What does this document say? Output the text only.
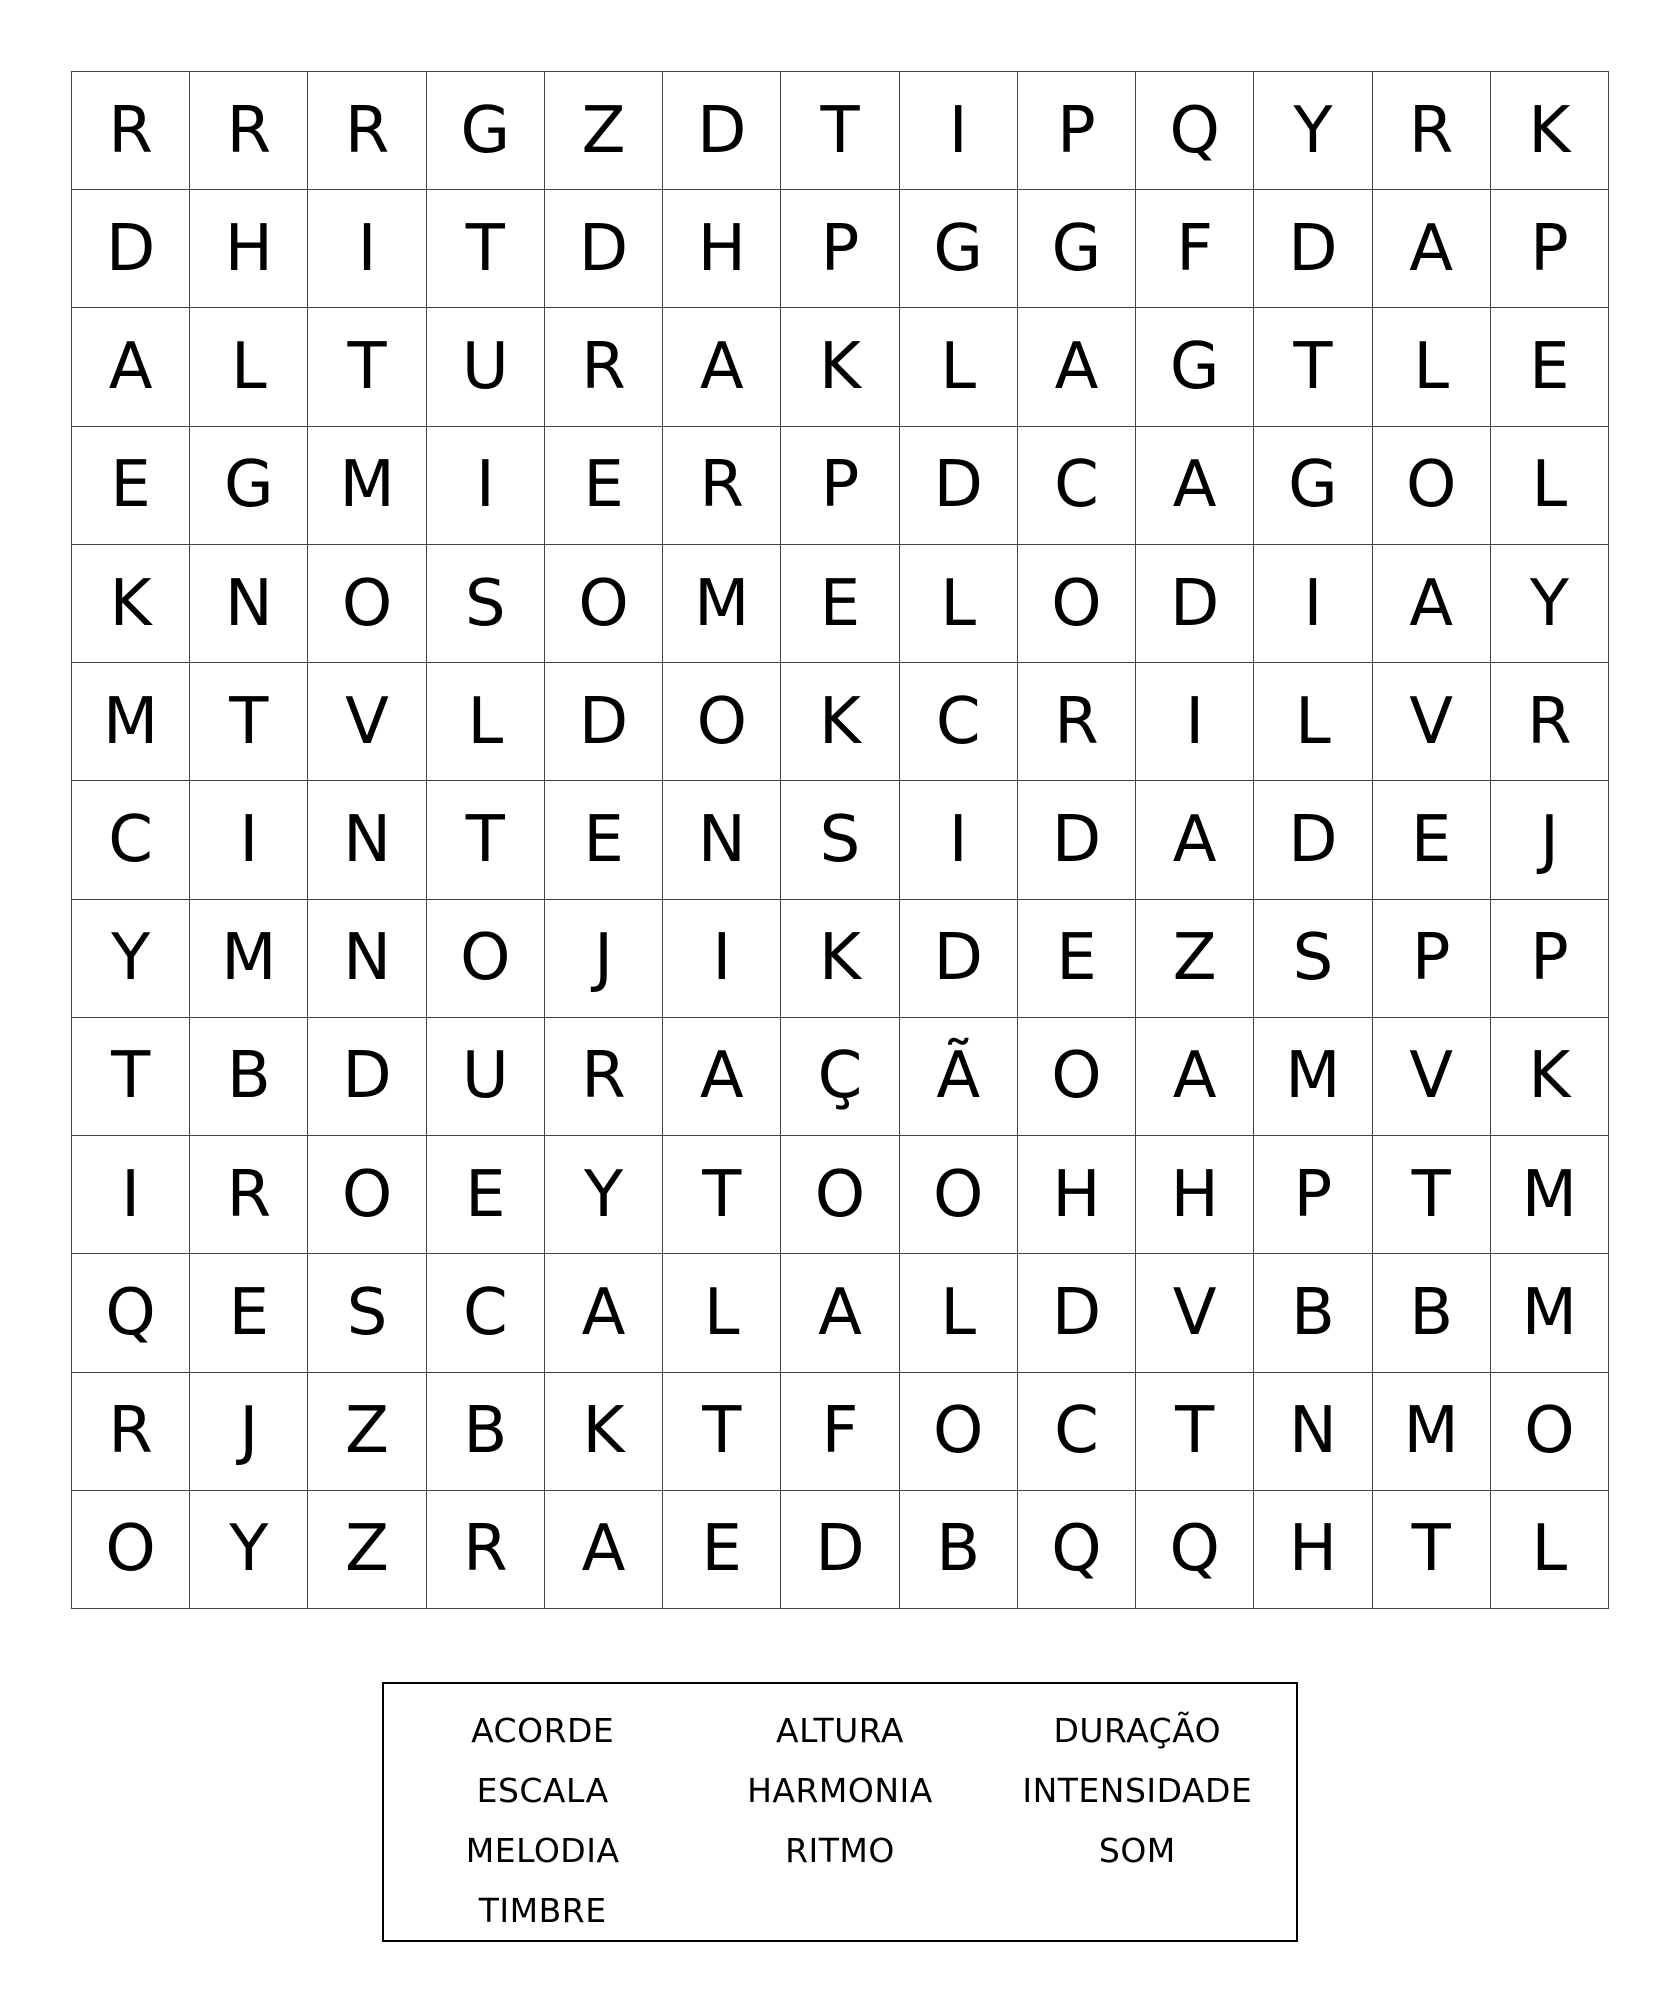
R	R	R	G	Z	D	T	I	P	Q	Y	R	K
D	H	I	T	D	H	P	G	G	F	D	A	P
A	L	T	U	R	A	K	L	A	G	T	L	E
E	G	M	I	E	R	P	D	C	A	G	O	L
K	N	O	S	O	M	E	L	O	D	I	A	Y
M	T	V	L	D	O	K	C	R	I	L	V	R
C	I	N	T	E	N	S	I	D	A	D	E	J
Y	M	N	O	J	I	K	D	E	Z	S	P	P
T	B	D	U	R	A	Ç	Ã	O	A	M	V	K
I	R	O	E	Y	T	O	O	H	H	P	T	M
Q	E	S	C	A	L	A	L	D	V	B	B	M
R	J	Z	B	K	T	F	O	C	T	N	M	O
O	Y	Z	R	A	E	D	B	Q	Q	H	T	L
ACORDE	ALTURA	DURAÇÃO
ESCALA	HARMONIA	INTENSIDADE
MELODIA	RITMO	SOM
TIMBRE
